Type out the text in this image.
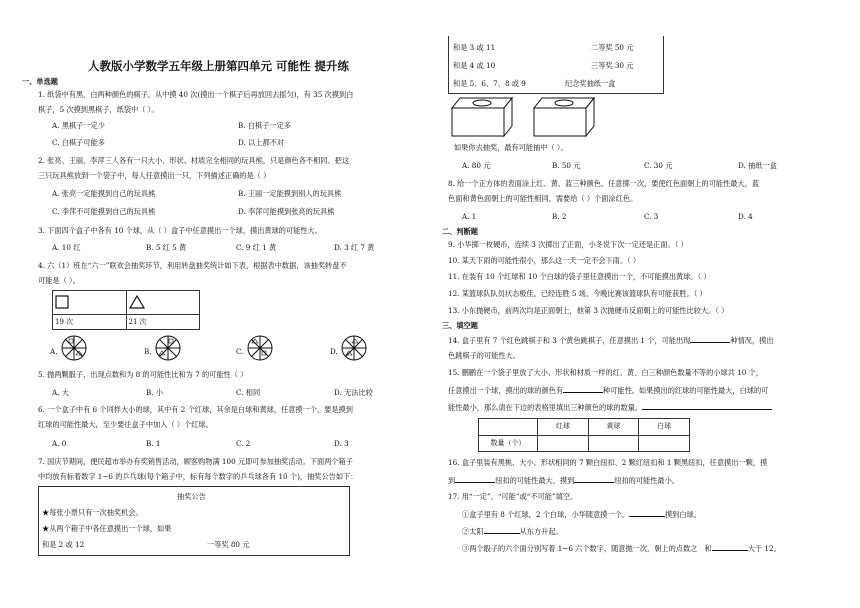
人教版小学数学五年级上册第四单元 可能性 提升练
一、单选题
1. 纸袋中有黑、白两种颜色的棋子，从中摸 40 次(摸出一个棋子后再放回去摇匀)，有 35 次摸到白
棋子，5 次摸到黑棋子，纸袋中（ ）。
A. 黑棋子一定少	B. 白棋子一定多
C. 白棋子可能多	D. 以上都不对
2. 张亮、王丽、李萍三人各有一只大小、形状、材质完全相同的玩具熊，只是颜色各不相同。把这
三只玩具熊放到一个袋子中，每人任意摸出一只，下列描述正确的是（ ）
A. 张亮一定能摸到自己的玩具熊	B. 王丽一定能摸到别人的玩具熊
C. 李萍不可能摸到自己的玩具熊	D. 李萍可能摸到张亮的玩具熊
3. 下面四个盒子中各有 10 个球，从（ ）盒子中任意摸出一个球，摸出黄球的可能性大。
A. 10 红	B. 5 红 5 黄	C. 9 红 1 黄	D. 3 红 7 黄
4. 六（1）班在“六一”联欢会抽奖环节，利用转盘抽奖统计如下表，根据表中数据，该抽奖转盘不
可能是（ ）。

19 次	21 次
A.	B.	C.	D.
5. 抛两颗骰子，出现点数和为 8 的可能性比和为 7 的可能性（ ）
A. 大	B. 小	C. 相同	D. 无法比较
6. 一个盒子中有 6 个同样大小的球，其中有 2 个红球，其余是白球和黄球，任意摸一个，要是摸到
红球的可能性最大，至少要往盒子中加入（ ）个红球。
A. 0	B. 1	C. 2	D. 3
7. 国庆节期间，便民超市举办有奖销售活动，顾客购物满 100 元即可参加抽奖活动。下面两个箱子
中均放有标着数字 1~6 的乒乓球(每个箱子中，标有每个数字的乒乓球各有 10 个)，抽奖公告如下：
抽奖公告
★每张小票只有一次抽奖机会。
★从两个箱子中各任意摸出一个球，如果
和是 2 或 12	一等奖 80 元
和是 3 或 11	二等奖 50 元
和是 4 或 10	三等奖 30 元
和是 5、6、7、8 或 9	纪念奖抽纸一盒
如果你去抽奖，最有可能抽中（ ）。
A. 80 元	B. 50 元	C. 30 元	D. 抽纸一盒
8. 给一个正方体的表面涂上红、黄、蓝三种颜色，任意掷一次，要使红色面朝上的可能性最大，蓝
色面和黄色面朝上的可能性相同，需要给（ ）个面涂红色。
A. 1	B. 2	C. 3	D. 4
二、判断题
9. 小华掷一枚硬币，连续 3 次掷出了正面，小冬说下次一定还是正面。（ ）
10. 某天下雨的可能性很小，那么这一天一定不会下雨。（ ）
11. 在装有 10 个红球和 10 个白球的袋子里任意摸出一个，不可能摸出黄球。（ ）
12. 某篮球队队员状态极佳，已经连胜 5 场。今晚比赛该篮球队有可能获胜。（ ）
13. 小东抛硬币，前两次均是正面朝上，他第 3 次抛硬币反面朝上的可能性比较大。（ ）
三、填空题
14. 盒子里有 7 个红色跳棋子和 3 个黄色跳棋子，任意摸出 1 个，可能出现	种情况，摸出
色跳棋子的可能性大。
15. 鹏鹏在一个袋子里放了大小、形状和材质一样的红、黄、白三种颜色数量不等的小球共 10 个，
任意摸出一个球，摸出的球的颜色有	种可能性。如果摸出的红球的可能性最大，白球的可
能性最小，那么请在下边的表格里填出三种颜色的球的数量。
	红球	黄球	白球
数量（个）			
16. 盒子里装有黑桃、大小、形状相同的 7 颗白纽扣、2 颗红纽扣和 1 颗黑纽扣，任意摸出一颗，摸
到	纽扣的可能性最大，摸到	纽扣的可能性最小。
17. 用“一定”、“可能”或“不可能”填空。
①盒子里有 8 个红球，2 个白球，小华随意摸一个，	摸到白球。
②太阳	从东方升起。
③两个骰子的六个面分别写着 1~6 六个数字，随意抛一次，朝上的点数之  和	大于 12。
